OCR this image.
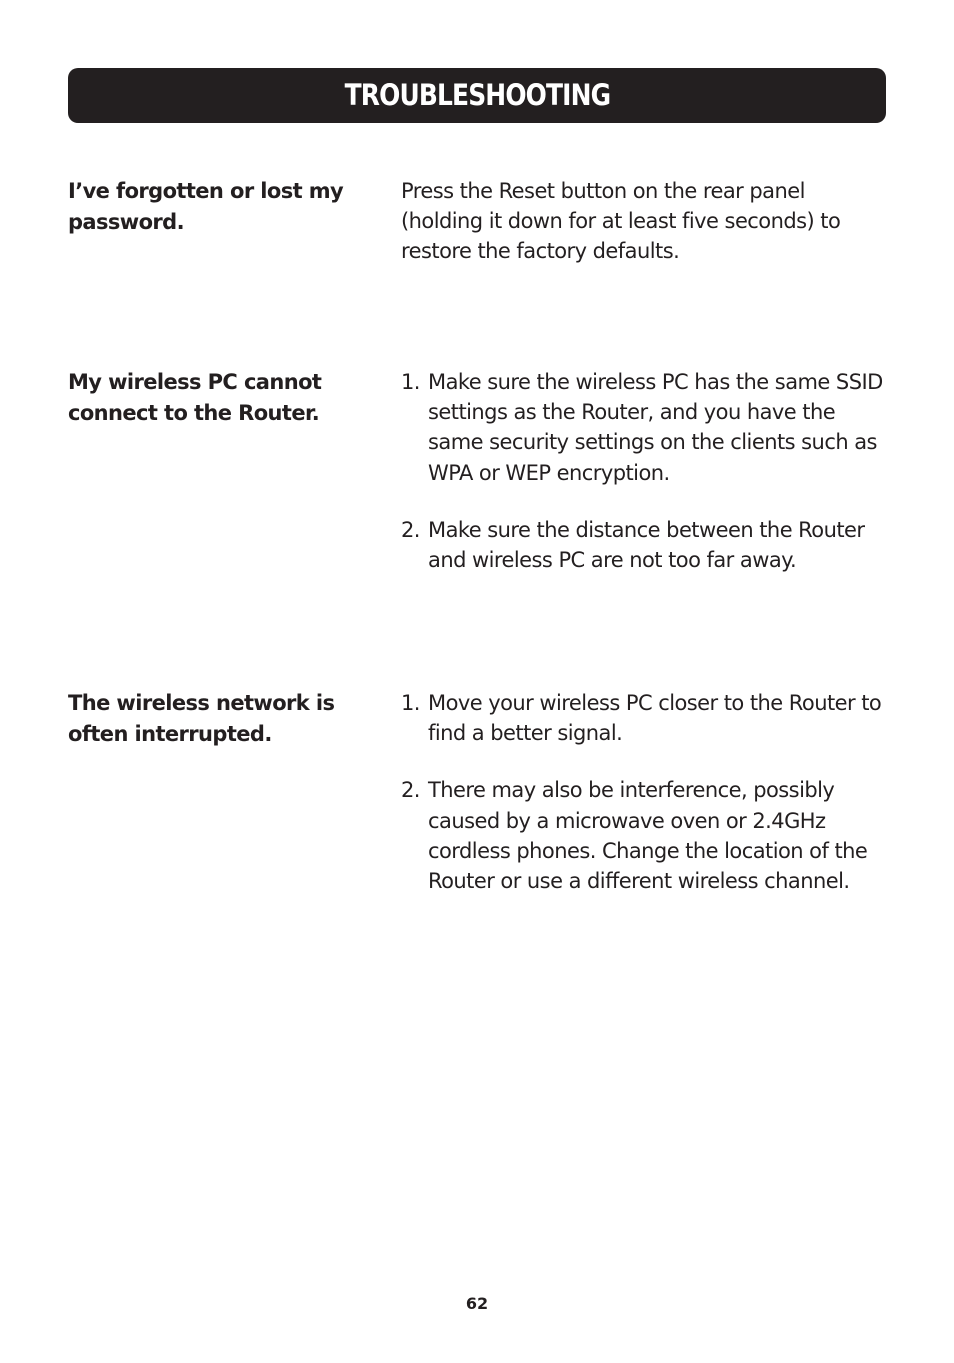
TROUBLESHOOTING
I’ve forgotten or lost my password.

Press the Reset button on the rear panel (holding it down for at least five seconds) to restore the factory defaults.

My wireless PC cannot connect to the Router.
1. Make sure the wireless PC has the same SSID settings as the Router, and you have the same security settings on the clients such as WPA or WEP encryption.
2. Make sure the distance between the Router and wireless PC are not too far away.
The wireless network is often interrupted.
1. Move your wireless PC closer to the Router to find a better signal.
2. There may also be interference, possibly caused by a microwave oven or 2.4GHz cordless phones. Change the location of the Router or use a different wireless channel.
62
